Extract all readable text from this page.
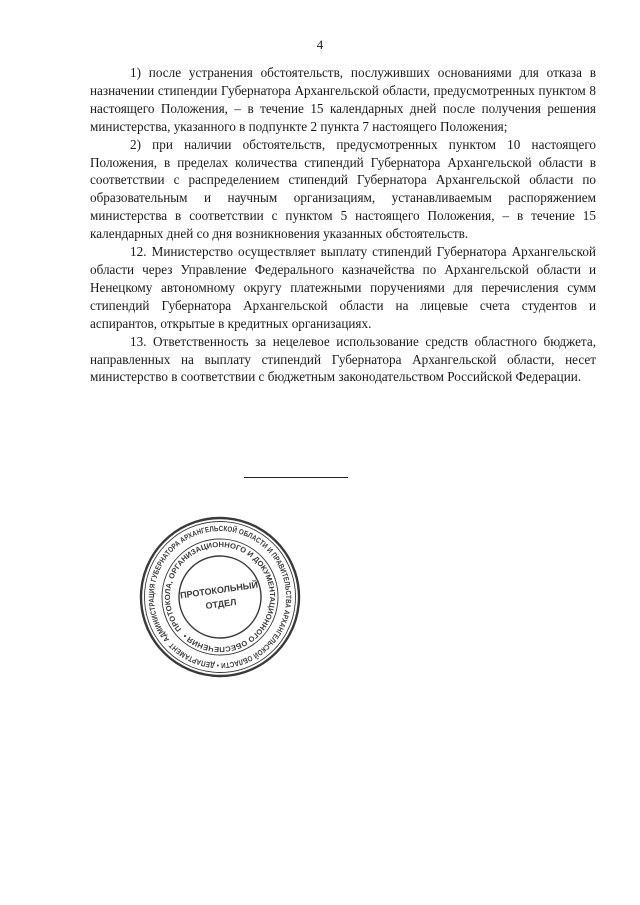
4

1) после устранения обстоятельств, послуживших основаниями для отказа в назначении стипендии Губернатора Архангельской области, предусмотренных пунктом 8 настоящего Положения, – в течение 15 календарных дней после получения решения министерства, указанного в подпункте 2 пункта 7 настоящего Положения;

2) при наличии обстоятельств, предусмотренных пунктом 10 настоящего Положения, в пределах количества стипендий Губернатора Архангельской области в соответствии с распределением стипендий Губернатора Архангельской области по образовательным и научным организациям, устанавливаемым распоряжением министерства в соответствии с пунктом 5 настоящего Положения, – в течение 15 календарных дней со дня возникновения указанных обстоятельств.

12. Министерство осуществляет выплату стипендий Губернатора Архангельской области через Управление Федерального казначейства по Архангельской области и Ненецкому автономному округу платежными поручениями для перечисления сумм стипендий Губернатора Архангельской области на лицевые счета студентов и аспирантов, открытые в кредитных организациях.

13. Ответственность за нецелевое использование средств областного бюджета, направленных на выплату стипендий Губернатора Архангельской области, несет министерство в соответствии с бюджетным законодательством Российской Федерации.

АДМИНИСТРАЦИЯ ГУБЕРНАТОРА АРХАНГЕЛЬСКОЙ ОБЛАСТИ И ПРАВИТЕЛЬСТВА АРХАНГЕЛЬСКОЙ ОБЛАСТИ • ДЕПАРТАМЕНТ
ПРОТОКОЛА, ОРГАНИЗАЦИОННОГО И ДОКУМЕНТАЦИОННОГО ОБЕСПЕЧЕНИЯ •
ПРОТОКОЛЬНЫЙ
ОТДЕЛ
